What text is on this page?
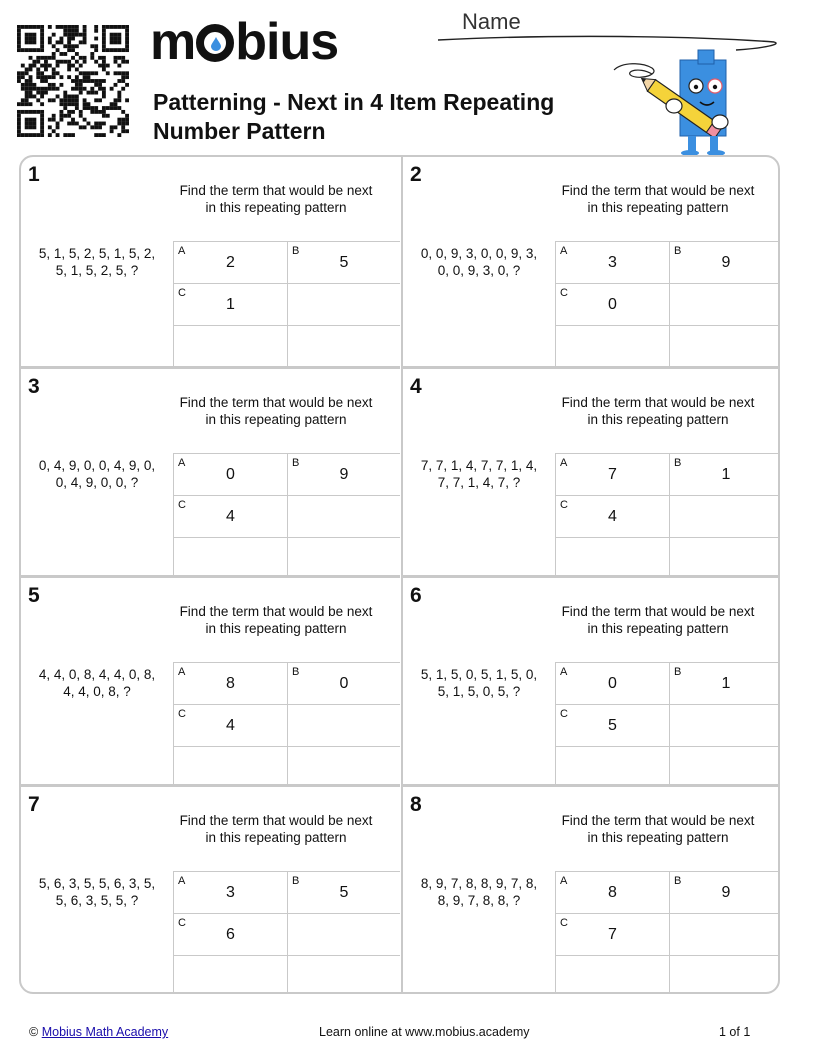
m bius
Patterning - Next in 4 Item Repeating
Number Pattern
Name
1
Find the term that would be next
in this repeating pattern
5, 1, 5, 2, 5, 1, 5, 2,
5, 1, 5, 2, 5, ?
A
2
B
5
C
1
2
Find the term that would be next
in this repeating pattern
0, 0, 9, 3, 0, 0, 9, 3,
0, 0, 9, 3, 0, ?
A
3
B
9
C
0
3
Find the term that would be next
in this repeating pattern
0, 4, 9, 0, 0, 4, 9, 0,
0, 4, 9, 0, 0, ?
A
0
B
9
C
4
4
Find the term that would be next
in this repeating pattern
7, 7, 1, 4, 7, 7, 1, 4,
7, 7, 1, 4, 7, ?
A
7
B
1
C
4
5
Find the term that would be next
in this repeating pattern
4, 4, 0, 8, 4, 4, 0, 8,
4, 4, 0, 8, ?
A
8
B
0
C
4
6
Find the term that would be next
in this repeating pattern
5, 1, 5, 0, 5, 1, 5, 0,
5, 1, 5, 0, 5, ?
A
0
B
1
C
5
7
Find the term that would be next
in this repeating pattern
5, 6, 3, 5, 5, 6, 3, 5,
5, 6, 3, 5, 5, ?
A
3
B
5
C
6
8
Find the term that would be next
in this repeating pattern
8, 9, 7, 8, 8, 9, 7, 8,
8, 9, 7, 8, 8, ?
A
8
B
9
C
7
© Mobius Math Academy	Learn online at www.mobius.academy	1 of 1
